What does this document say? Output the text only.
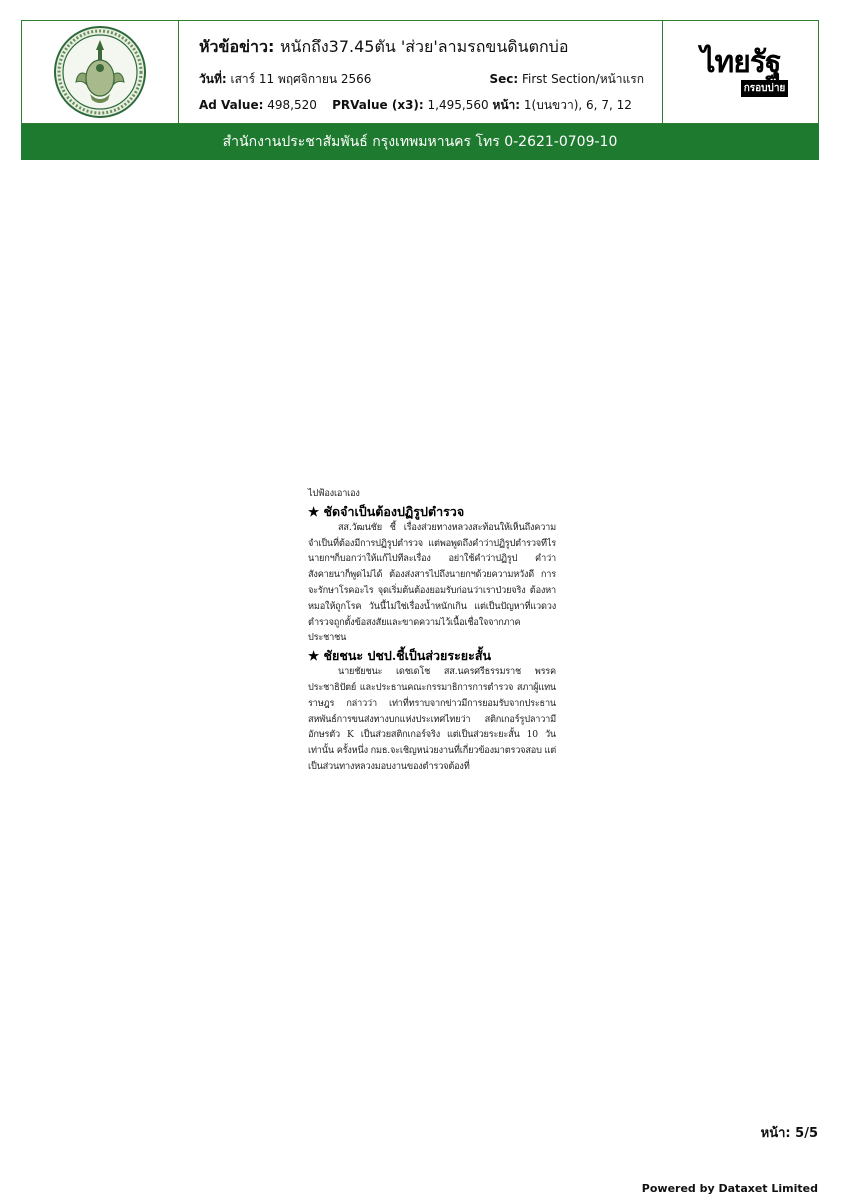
หัวข้อข่าว: หนักถึง37.45ตัน 'ส่วย'ลามรถขนดินตกบ่อ
วันที่: เสาร์ 11 พฤศจิกายน 2566	Sec: First Section/หน้าแรก
Ad Value: 498,520 PRValue (x3): 1,495,560 หน้า: 1(บนขวา), 6, 7, 12
ไทยรัฐ
กรอบบ่าย
สำนักงานประชาสัมพันธ์ กรุงเทพมหานคร โทร 0-2621-0709-10

ไปฟ้องเอาเอง

★ ชัดจำเป็นต้องปฏิรูปตำรวจ

สส.วัฒนชัย ชี้ เรื่องส่วยทางหลวงสะท้อนให้เห็นถึงความจำเป็นที่ต้องมีการปฏิรูปตำรวจ แต่พอพูดถึงคำว่าปฏิรูปตำรวจทีไร นายกฯก็บอกว่าให้แก้ไปทีละเรื่อง อย่าใช้คำว่าปฏิรูป คำว่าสังคายนาก็พูดไม่ได้ ต้องส่งสารไปถึงนายกฯด้วยความหวังดี การจะรักษาโรคอะไร จุดเริ่มต้นต้องยอมรับก่อนว่าเราป่วยจริง ต้องหาหมอให้ถูกโรค วันนี้ไม่ใช่เรื่องน้ำหนักเกิน แต่เป็นปัญหาที่แวดวงตำรวจถูกตั้งข้อสงสัยและขาดความไว้เนื้อเชื่อใจจากภาคประชาชน

★ ชัยชนะ ปชป.ชี้เป็นส่วยระยะสั้น

นายชัยชนะ เดชเดโช สส.นครศรีธรรมราช พรรคประชาธิปัตย์ และประธานคณะกรรมาธิการการตำรวจ สภาผู้แทนราษฎร กล่าวว่า เท่าที่ทราบจากข่าวมีการยอมรับจากประธานสหพันธ์การขนส่งทางบกแห่งประเทศไทยว่า สติกเกอร์รูปลาวามีอักษรตัว K เป็นส่วยสติกเกอร์จริง แต่เป็นส่วยระยะสั้น 10 วันเท่านั้น ครั้งหนึ่ง กมธ.จะเชิญหน่วยงานที่เกี่ยวข้องมาตรวจสอบ แต่เป็นส่วนทางหลวงมอบงานของตำรวจต้องที่

หน้า: 5/5
Powered by Dataxet Limited
